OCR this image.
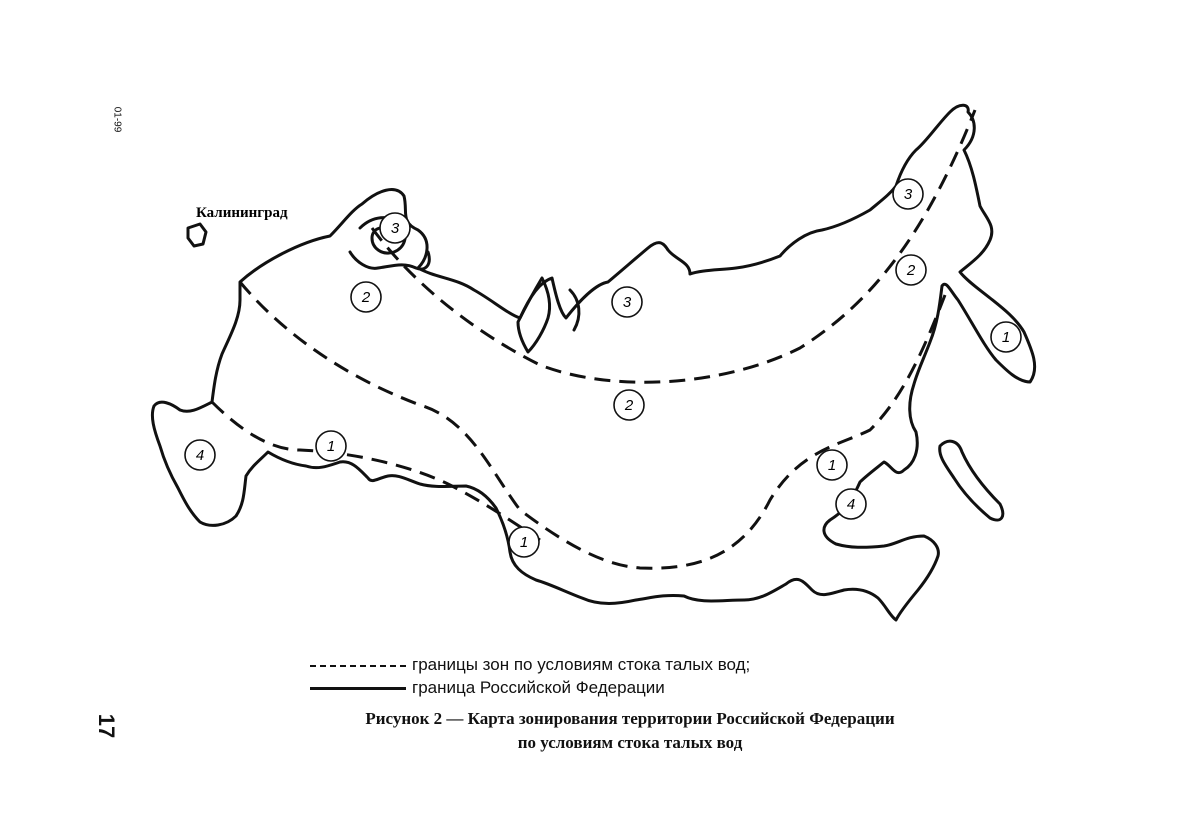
01-99
17
Калининград
3
2	3
2
2
1
4
1
1
1
4
3
границы зон по условиям стока талых вод;
граница Российской Федерации
Рисунок 2 — Карта зонирования территории Российской Федерации
по условиям стока талых вод
